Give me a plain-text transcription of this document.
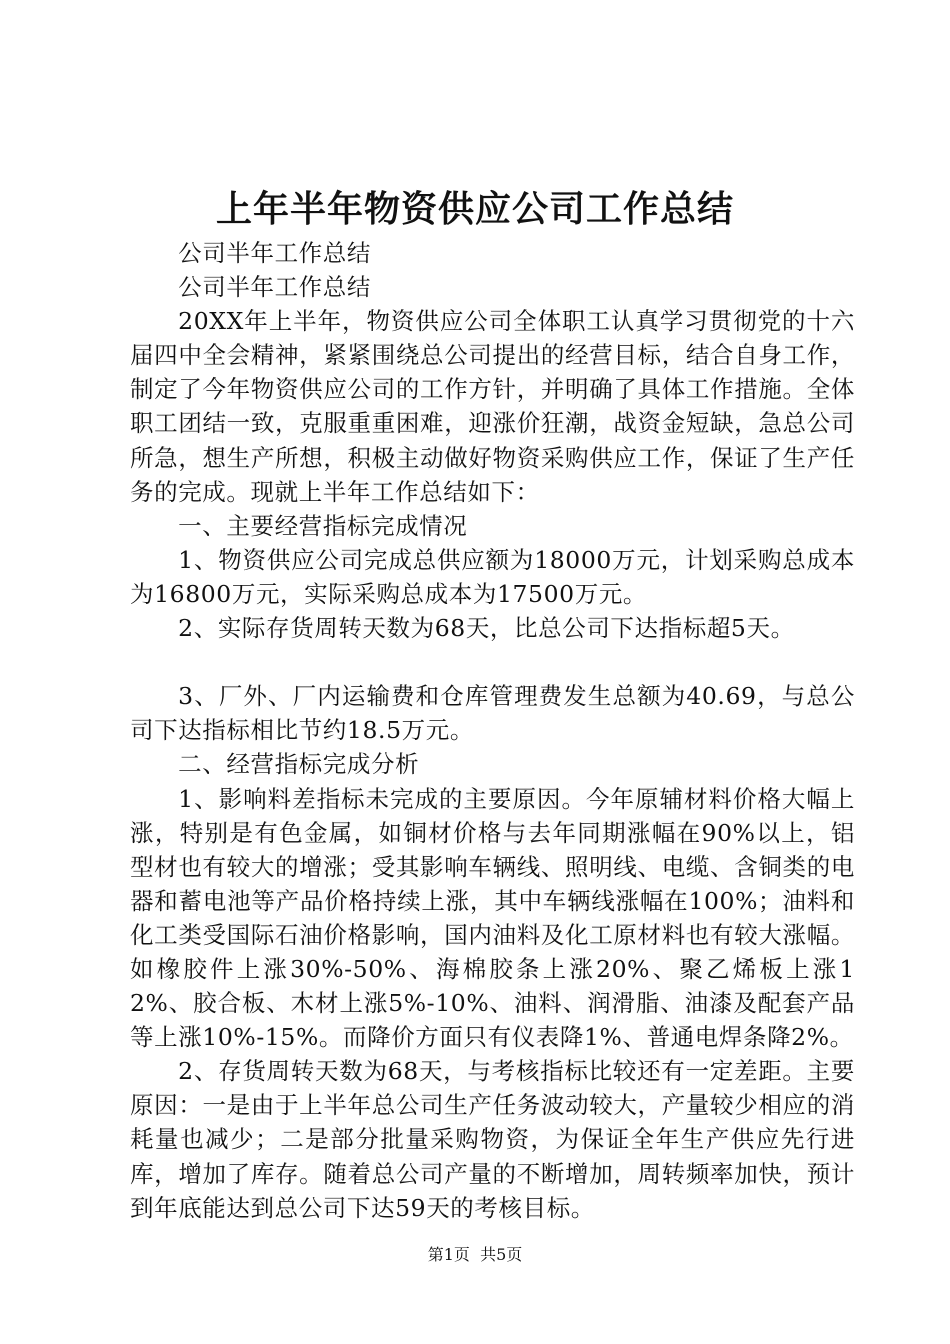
上年半年物资供应公司工作总结

公司半年工作总结

公司半年工作总结

20XX年上半年，物资供应公司全体职工认真学习贯彻党的十六届四中全会精神，紧紧围绕总公司提出的经营目标，结合自身工作，制定了今年物资供应公司的工作方针，并明确了具体工作措施。全体职工团结一致，克服重重困难，迎涨价狂潮，战资金短缺，急总公司所急，想生产所想，积极主动做好物资采购供应工作，保证了生产任务的完成。现就上半年工作总结如下：

一、主要经营指标完成情况

1、物资供应公司完成总供应额为18000万元，计划采购总成本为16800万元，实际采购总成本为17500万元。

2、实际存货周转天数为68天，比总公司下达指标超5天。

3、厂外、厂内运输费和仓库管理费发生总额为40.69，与总公司下达指标相比节约18.5万元。

二、经营指标完成分析

1、影响料差指标未完成的主要原因。今年原辅材料价格大幅上涨，特别是有色金属，如铜材价格与去年同期涨幅在90%以上，铝型材也有较大的增涨；受其影响车辆线、照明线、电缆、含铜类的电器和蓄电池等产品价格持续上涨，其中车辆线涨幅在100%；油料和化工类受国际石油价格影响，国内油料及化工原材料也有较大涨幅。如橡胶件上涨30%-50%、海棉胶条上涨20%、聚乙烯板上涨12%、胶合板、木材上涨5%-10%、油料、润滑脂、油漆及配套产品等上涨10%-15%。而降价方面只有仪表降1%、普通电焊条降2%。

2、存货周转天数为68天，与考核指标比较还有一定差距。主要原因：一是由于上半年总公司生产任务波动较大，产量较少相应的消耗量也减少；二是部分批量采购物资，为保证全年生产供应先行进库，增加了库存。随着总公司产量的不断增加，周转频率加快，预计到年底能达到总公司下达59天的考核目标。

第1页 共5页
